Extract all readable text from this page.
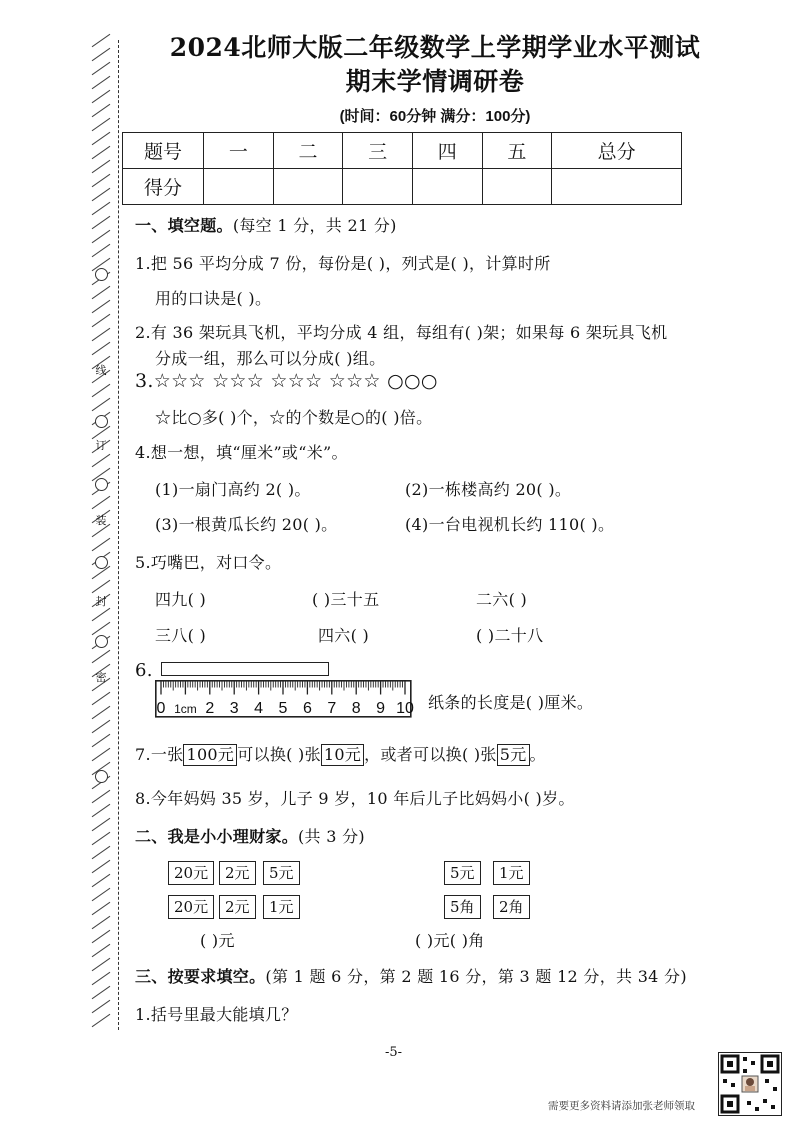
线
订
装
封
密
2024北师大版二年级数学上学期学业水平测试
期末学情调研卷
(时间：60分钟 满分：100分)
题号	一	二	三	四	五	总分
得分						
一、填空题。(每空 1 分，共 21 分)
1.把 56 平均分成 7 份，每份是( )，列式是( )，计算时所
用的口诀是( )。
2.有 36 架玩具飞机，平均分成 4 组，每组有( )架；如果每 6 架玩具飞机
分成一组，那么可以分成( )组。
3.☆☆☆ ☆☆☆ ☆☆☆ ☆☆☆ ○○○
☆比○多( )个，☆的个数是○的( )倍。
4.想一想，填“厘米”或“米”。
(1)一扇门高约 2( )。	(2)一栋楼高约 20( )。
(3)一根黄瓜长约 20( )。	(4)一台电视机长约 110( )。
5.巧嘴巴，对口令。
四九( )	( )三十五	二六( )
三八( )	四六( )	( )二十八
6.
0 1cm 2 3 4 5 6 7 8 9 10 纸条的长度是( )厘米。
7.一张 100元 可以换( )张 10元 ，或者可以换( )张 5元 。
8.今年妈妈 35 岁，儿子 9 岁，10 年后儿子比妈妈小( )岁。
二、我是小小理财家。(共 3 分)
20元	2元	5元
20元	2元	1元
5元	1元
5角	2角
( )元	( )元( )角
三、按要求填空。(第 1 题 6 分，第 2 题 16 分，第 3 题 12 分，共 34 分)
1.括号里最大能填几？
-5-
需要更多资料请添加张老师领取
